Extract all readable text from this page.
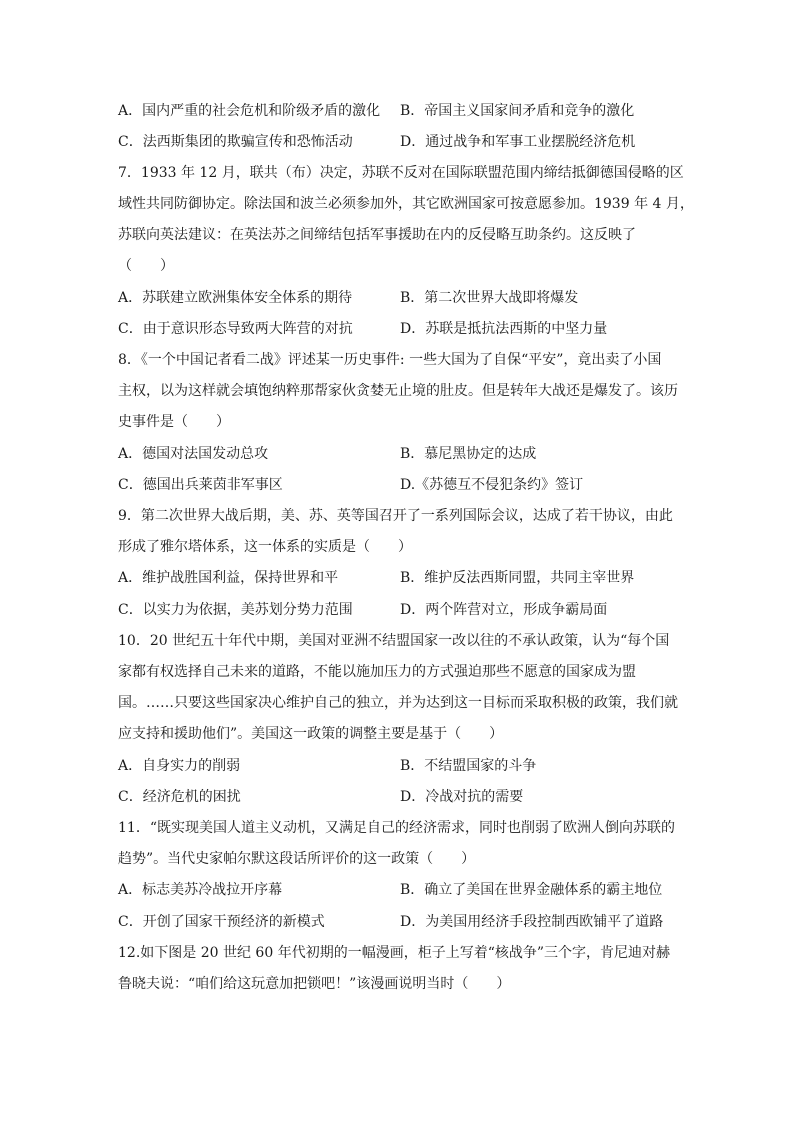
A．国内严重的社会危机和阶级矛盾的激化 B．帝国主义国家间矛盾和竞争的激化
C．法西斯集团的欺骗宣传和恐怖活动	D．通过战争和军事工业摆脱经济危机
7．1933 年 12 月，联共（布）决定，苏联不反对在国际联盟范围内缔结抵御德国侵略的区
域性共同防御协定。除法国和波兰必须参加外，其它欧洲国家可按意愿参加。1939 年 4 月，
苏联向英法建议：在英法苏之间缔结包括军事援助在内的反侵略互助条约。这反映了
（　　）
A．苏联建立欧洲集体安全体系的期待	B．第二次世界大战即将爆发
C．由于意识形态导致两大阵营的对抗	D．苏联是抵抗法西斯的中坚力量
8．《一个中国记者看二战》评述某一历史事件: 一些大国为了自保“平安”，竟出卖了小国
主权，以为这样就会填饱纳粹那帮家伙贪婪无止境的肚皮。但是转年大战还是爆发了。该历
史事件是（　　）
A．德国对法国发动总攻	B．慕尼黑协定的达成
C．德国出兵莱茵非军事区	D.《苏德互不侵犯条约》签订
9．第二次世界大战后期，美、苏、英等国召开了一系列国际会议，达成了若干协议，由此
形成了雅尔塔体系，这一体系的实质是（　　）
A．维护战胜国利益，保持世界和平	B．维护反法西斯同盟，共同主宰世界
C．以实力为依据，美苏划分势力范围	D．两个阵营对立，形成争霸局面
10．20 世纪五十年代中期，美国对亚洲不结盟国家一改以往的不承认政策，认为“每个国
家都有权选择自己未来的道路，不能以施加压力的方式强迫那些不愿意的国家成为盟
国。……只要这些国家决心维护自己的独立，并为达到这一目标而采取积极的政策，我们就
应支持和援助他们”。美国这一政策的调整主要是基于（　　）
A．自身实力的削弱	B．不结盟国家的斗争
C．经济危机的困扰	D．冷战对抗的需要
11．“既实现美国人道主义动机，又满足自己的经济需求，同时也削弱了欧洲人倒向苏联的
趋势”。当代史家帕尔默这段话所评价的这一政策（　　）
A．标志美苏冷战拉开序幕	B．确立了美国在世界金融体系的霸主地位
C．开创了国家干预经济的新模式	D．为美国用经济手段控制西欧铺平了道路
12.如下图是 20 世纪 60 年代初期的一幅漫画，柜子上写着“核战争”三个字，肯尼迪对赫
鲁晓夫说：“咱们给这玩意加把锁吧！”该漫画说明当时（　　）
